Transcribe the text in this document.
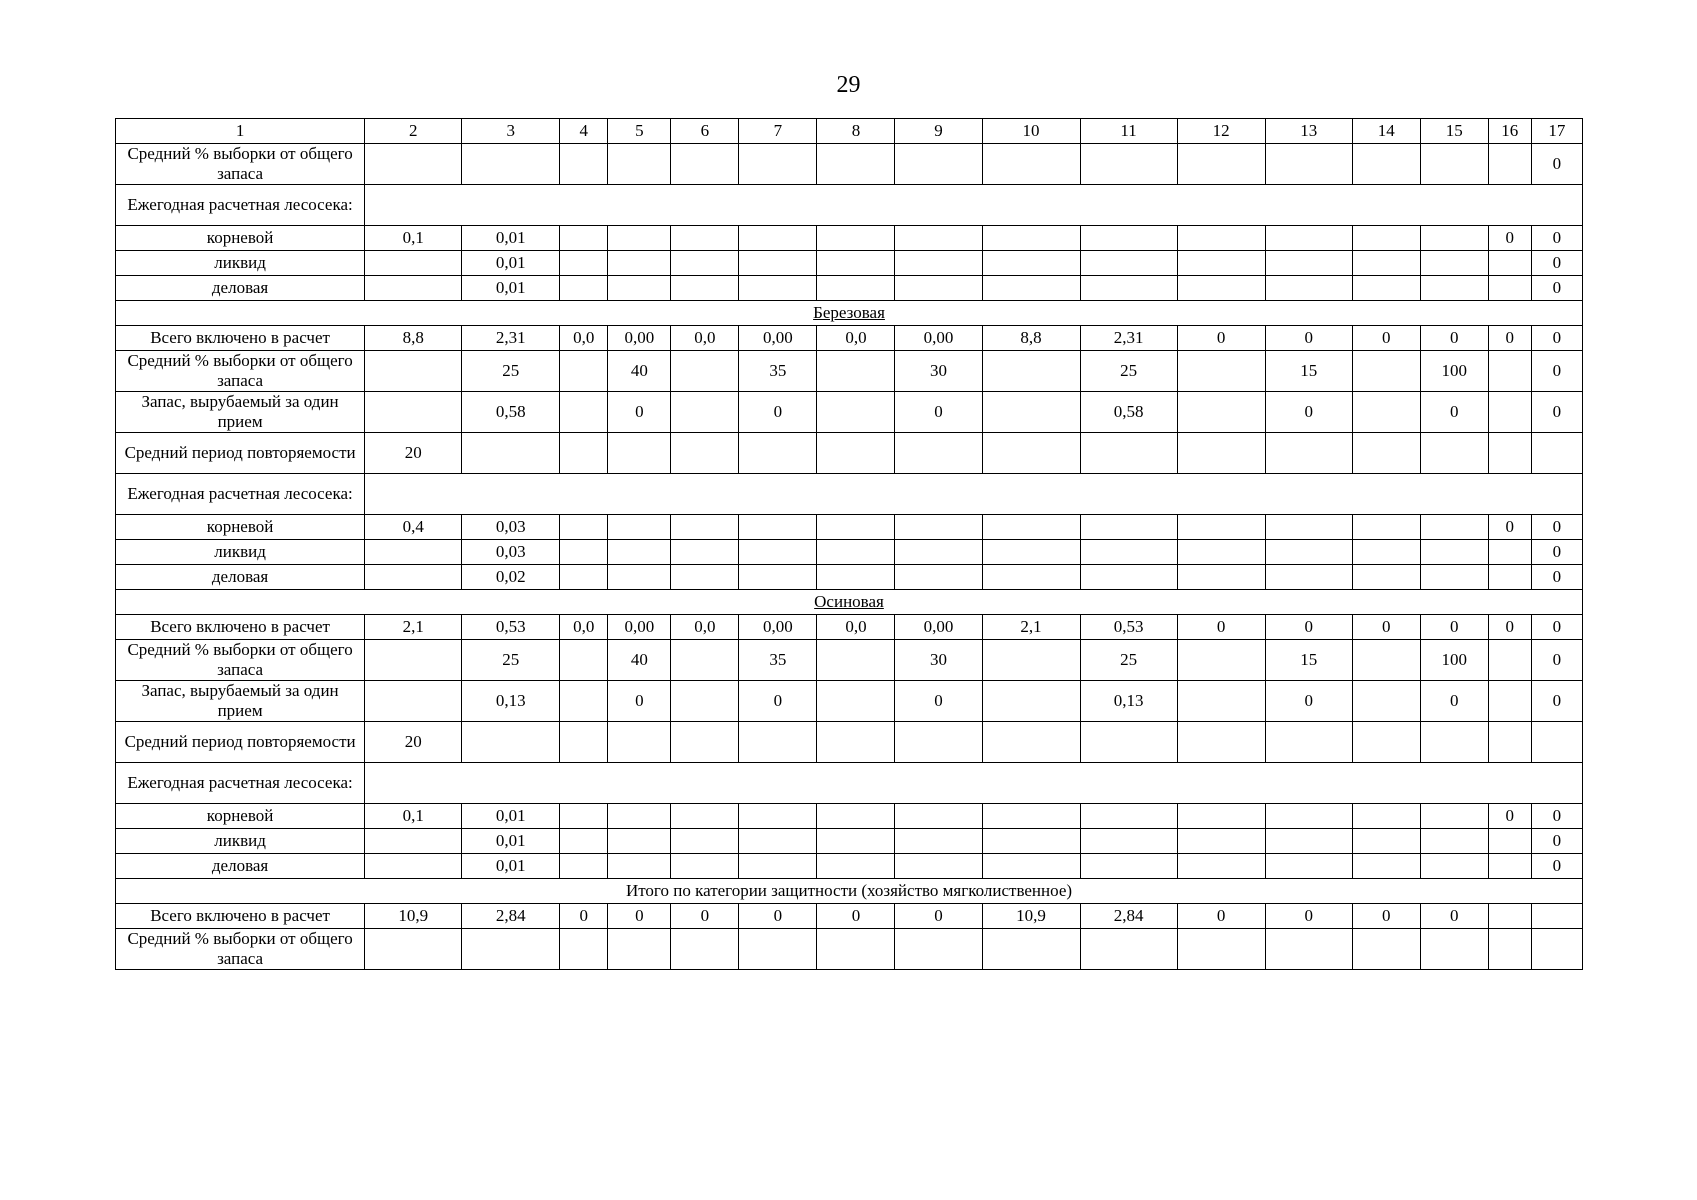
29
1	2	3	4	5	6	7	8	9	10	11	12	13	14	15	16	17
Средний % выборки от общего запаса																0
Ежегодная расчетная лесосека:																
корневой	0,1	0,01													0	0
ликвид		0,01														0
деловая		0,01														0
Березовая																
Всего включено в расчет	8,8	2,31	0,0	0,00	0,0	0,00	0,0	0,00	8,8	2,31	0	0	0	0	0	0
Средний % выборки от общего запаса		25		40		35		30		25		15		100		0
Запас, вырубаемый за один прием		0,58		0		0		0		0,58		0		0		0
Средний период повторяемости	20															
Ежегодная расчетная лесосека:																
корневой	0,4	0,03													0	0
ликвид		0,03														0
деловая		0,02														0
Осиновая																
Всего включено в расчет	2,1	0,53	0,0	0,00	0,0	0,00	0,0	0,00	2,1	0,53	0	0	0	0	0	0
Средний % выборки от общего запаса		25		40		35		30		25		15		100		0
Запас, вырубаемый за один прием		0,13		0		0		0		0,13		0		0		0
Средний период повторяемости	20															
Ежегодная расчетная лесосека:																
корневой	0,1	0,01													0	0
ликвид		0,01														0
деловая		0,01														0
Итого по категории защитности (хозяйство мягколиственное)																
Всего включено в расчет	10,9	2,84	0	0	0	0	0	0	10,9	2,84	0	0	0	0		
Средний % выборки от общего запаса																
